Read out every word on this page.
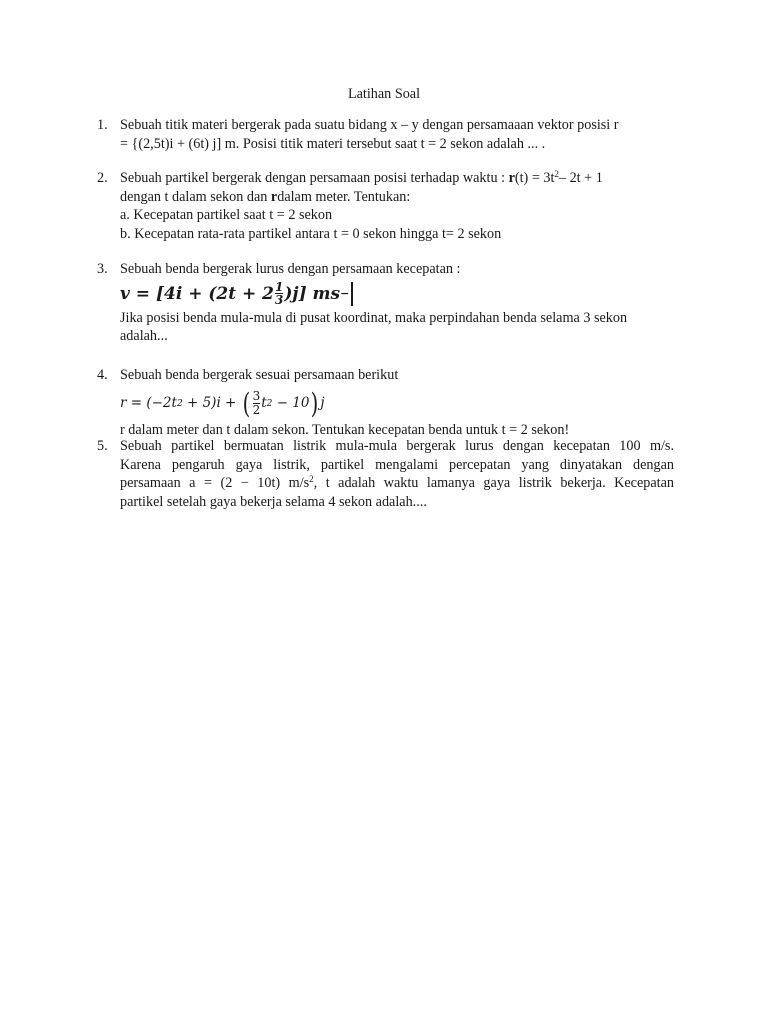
Latihan Soal
1. Sebuah titik materi bergerak pada suatu bidang x – y dengan persamaaan vektor posisi r
= {(2,5t)i + (6t) j] m. Posisi titik materi tersebut saat t = 2 sekon adalah ... .
2. Sebuah partikel bergerak dengan persamaan posisi terhadap waktu : $r(t) = 3t^2-$ 2t + 1
dengan t dalam sekon dan rdalam meter. Tentukan:
a. Kecepatan partikel saat t = 2 sekon
b. Kecepatan rata-rata partikel antara t = 0 sekon hingga t= 2 sekon
3. Sebuah benda bergerak lurus dengan persamaan kecepatan :
$v = [4i + (2t + 2 \frac{1}{3} )j]$ ms −
Jika posisi benda mula-mula di pusat koordinat, maka perpindahan benda selama 3 sekon
adalah...
4. Sebuah benda bergerak sesuai persamaan berikut
r = (−2t 2 + 5)i + ( 3
2 t 2 − 10 ) j
r dalam meter dan t dalam sekon. Tentukan kecepatan benda untuk t = 2 sekon!
5. Sebuah partikel bermuatan listrik mula-mula bergerak lurus dengan kecepatan 100 m/s.
Karena pengaruh gaya listrik, partikel mengalami percepatan yang dinyatakan dengan
persamaan a = (2 − 10t) $m/s^2$, t adalah waktu lamanya gaya listrik bekerja. Kecepatan
partikel setelah gaya bekerja selama 4 sekon adalah....
